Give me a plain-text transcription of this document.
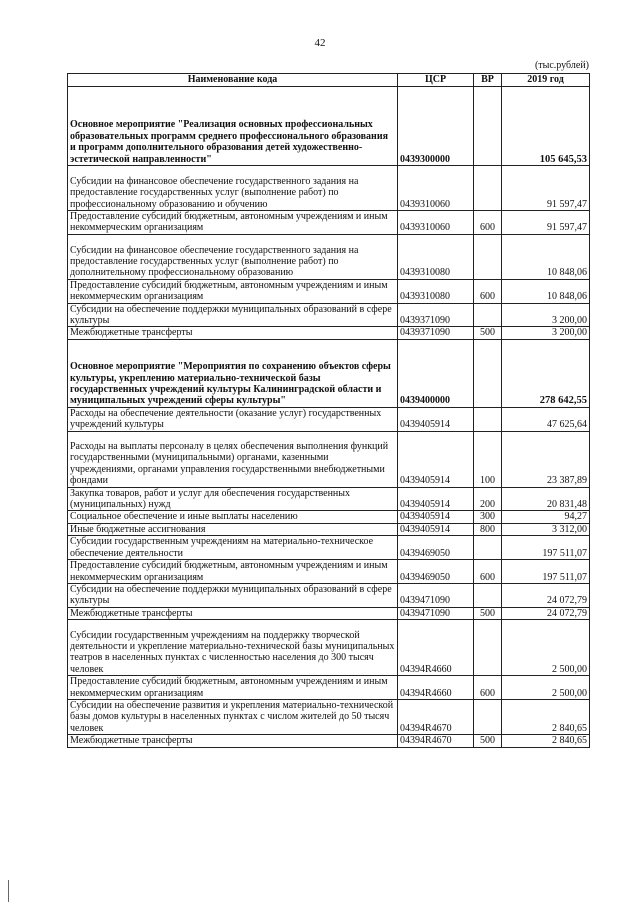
42
(тыс.рублей)
Наименование кода	ЦСР	ВР	2019 год
Основное мероприятие "Реализация основных профессиональных образовательных программ среднего профессионального образования и программ дополнительного образования детей художественно-эстетической направленности"	0439300000		105 645,53
Субсидии на финансовое обеспечение государственного задания на предоставление государственных услуг (выполнение работ) по профессиональному образованию и обучению	0439310060		91 597,47
Предоставление субсидий бюджетным, автономным учреждениям и иным некоммерческим организациям	0439310060	600	91 597,47
Субсидии на финансовое обеспечение государственного задания на предоставление государственных услуг (выполнение работ) по дополнительному профессиональному образованию	0439310080		10 848,06
Предоставление субсидий бюджетным, автономным учреждениям и иным некоммерческим организациям	0439310080	600	10 848,06
Субсидии на обеспечение поддержки муниципальных образований в сфере культуры	0439371090		3 200,00
Межбюджетные трансферты	0439371090	500	3 200,00
Основное мероприятие "Мероприятия по сохранению объектов сферы культуры, укреплению материально-технической базы государственных учреждений культуры Калининградской области и муниципальных учреждений сферы культуры"	0439400000		278 642,55
Расходы на обеспечение деятельности (оказание услуг) государственных учреждений культуры	0439405914		47 625,64
Расходы на выплаты персоналу в целях обеспечения выполнения функций государственными (муниципальными) органами, казенными учреждениями, органами управления государственными внебюджетными фондами	0439405914	100	23 387,89
Закупка товаров, работ и услуг для обеспечения государственных (муниципальных) нужд	0439405914	200	20 831,48
Социальное обеспечение и иные выплаты населению	0439405914	300	94,27
Иные бюджетные ассигнования	0439405914	800	3 312,00
Субсидии государственным учреждениям на материально-техническое обеспечение деятельности	0439469050		197 511,07
Предоставление субсидий бюджетным, автономным учреждениям и иным некоммерческим организациям	0439469050	600	197 511,07
Субсидии на обеспечение поддержки муниципальных образований в сфере культуры	0439471090		24 072,79
Межбюджетные трансферты	0439471090	500	24 072,79
Субсидии государственным учреждениям на поддержку творческой деятельности и укрепление материально-технической базы муниципальных театров в населенных пунктах с численностью населения до 300 тысяч человек	04394R4660		2 500,00
Предоставление субсидий бюджетным, автономным учреждениям и иным некоммерческим организациям	04394R4660	600	2 500,00
Субсидии на обеспечение развития и укрепления материально-технической базы домов культуры в населенных пунктах с числом жителей до 50 тысяч человек	04394R4670		2 840,65
Межбюджетные трансферты	04394R4670	500	2 840,65
